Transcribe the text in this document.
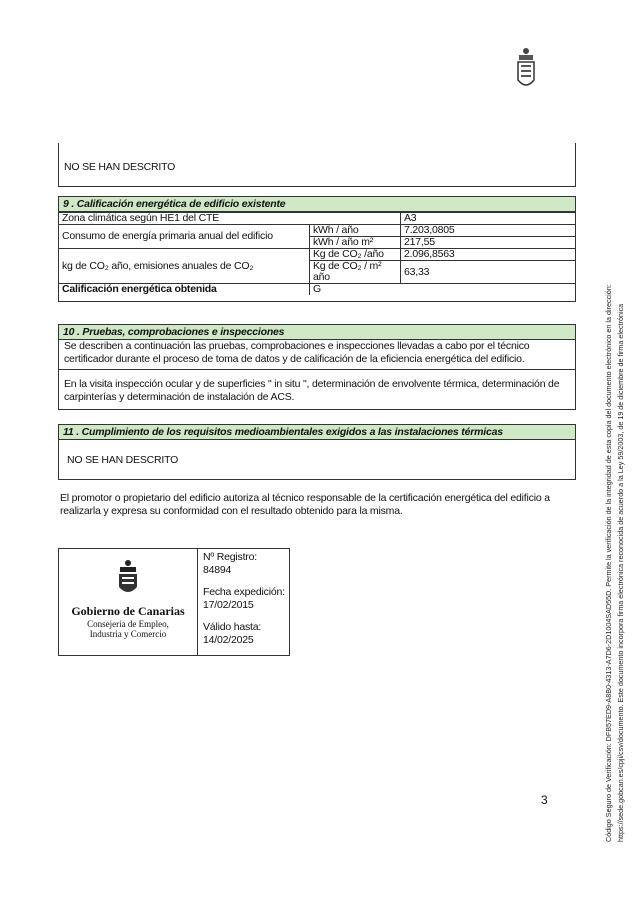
NO SE HAN DESCRITO
9 . Calificación energética de edificio existente
Zona climática según HE1 del CTE		A3
Consumo de energía primaria anual del edificio	kWh / año	7.203,0805
	kWh / año m²	217,55
kg de CO₂ año, emisiones anuales de CO₂	Kg de CO₂ /año	2.096,8563
	Kg de CO₂ / m² año	63,33
Calificación energética obtenida	G	
10 . Pruebas, comprobaciones e inspecciones
Se describen a continuación las pruebas, comprobaciones e inspecciones llevadas a cabo por el técnico certificador durante el proceso de toma de datos y de calificación de la eficiencia energética del edificio.
En la visita inspección ocular y de superficies " in situ ", determinación de envolvente térmica, determinación de carpinterías y determinación de instalación de ACS.
11 . Cumplimiento de los requisitos medioambientales exigidos a las instalaciones térmicas
NO SE HAN DESCRITO
El promotor o propietario del edificio autoriza al técnico responsable de la certificación energética del edificio a realizarla y expresa su conformidad con el resultado obtenido para la misma.
Gobierno de Canarias
Consejería de Empleo,
Industria y Comercio
Nº Registro:
84894
Fecha expedición:
17/02/2015
Válido hasta:
14/02/2025
3	Código Seguro de Verificación: DFB57ED9-A8B0-4313-A7D6-2D1004SAD55D. Permite la verificación de la integridad de esta copia del documento electrónico en la dirección: https://sede.gobcan.es/cpji/csv/documento. Este documento incorpora firma electrónica reconocida de acuerdo a la Ley 59/2003, de 19 de diciembre de firma electrónica
